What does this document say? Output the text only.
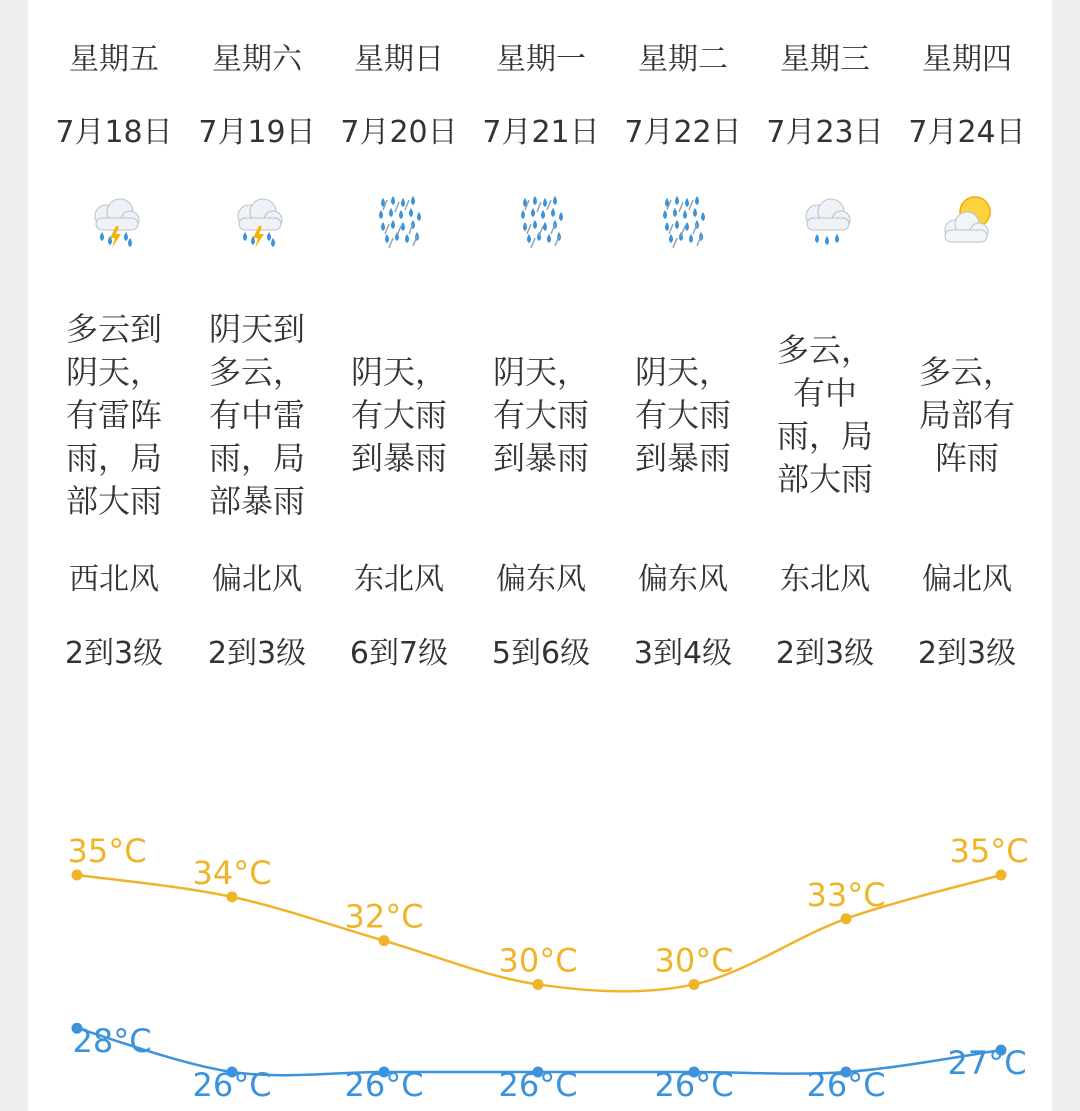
星期五
7月18日
多云到阴天，有雷阵雨，局部大雨
西北风
2到3级
星期六
7月19日
阴天到多云，有中雷雨，局部暴雨
偏北风
2到3级
星期日
7月20日
阴天，有大雨到暴雨
东北风
6到7级
星期一
7月21日
阴天，有大雨到暴雨
偏东风
5到6级
星期二
7月22日
阴天，有大雨到暴雨
偏东风
3到4级
星期三
7月23日
多云，有中雨，局部大雨
东北风
2到3级
星期四
7月24日
多云，局部有阵雨
偏北风
2到3级
35°C
34°C
32°C
30°C 30°C
33°C
35°C
28°C
26°C 26°C 26°C 26°C 26°C
27°C
